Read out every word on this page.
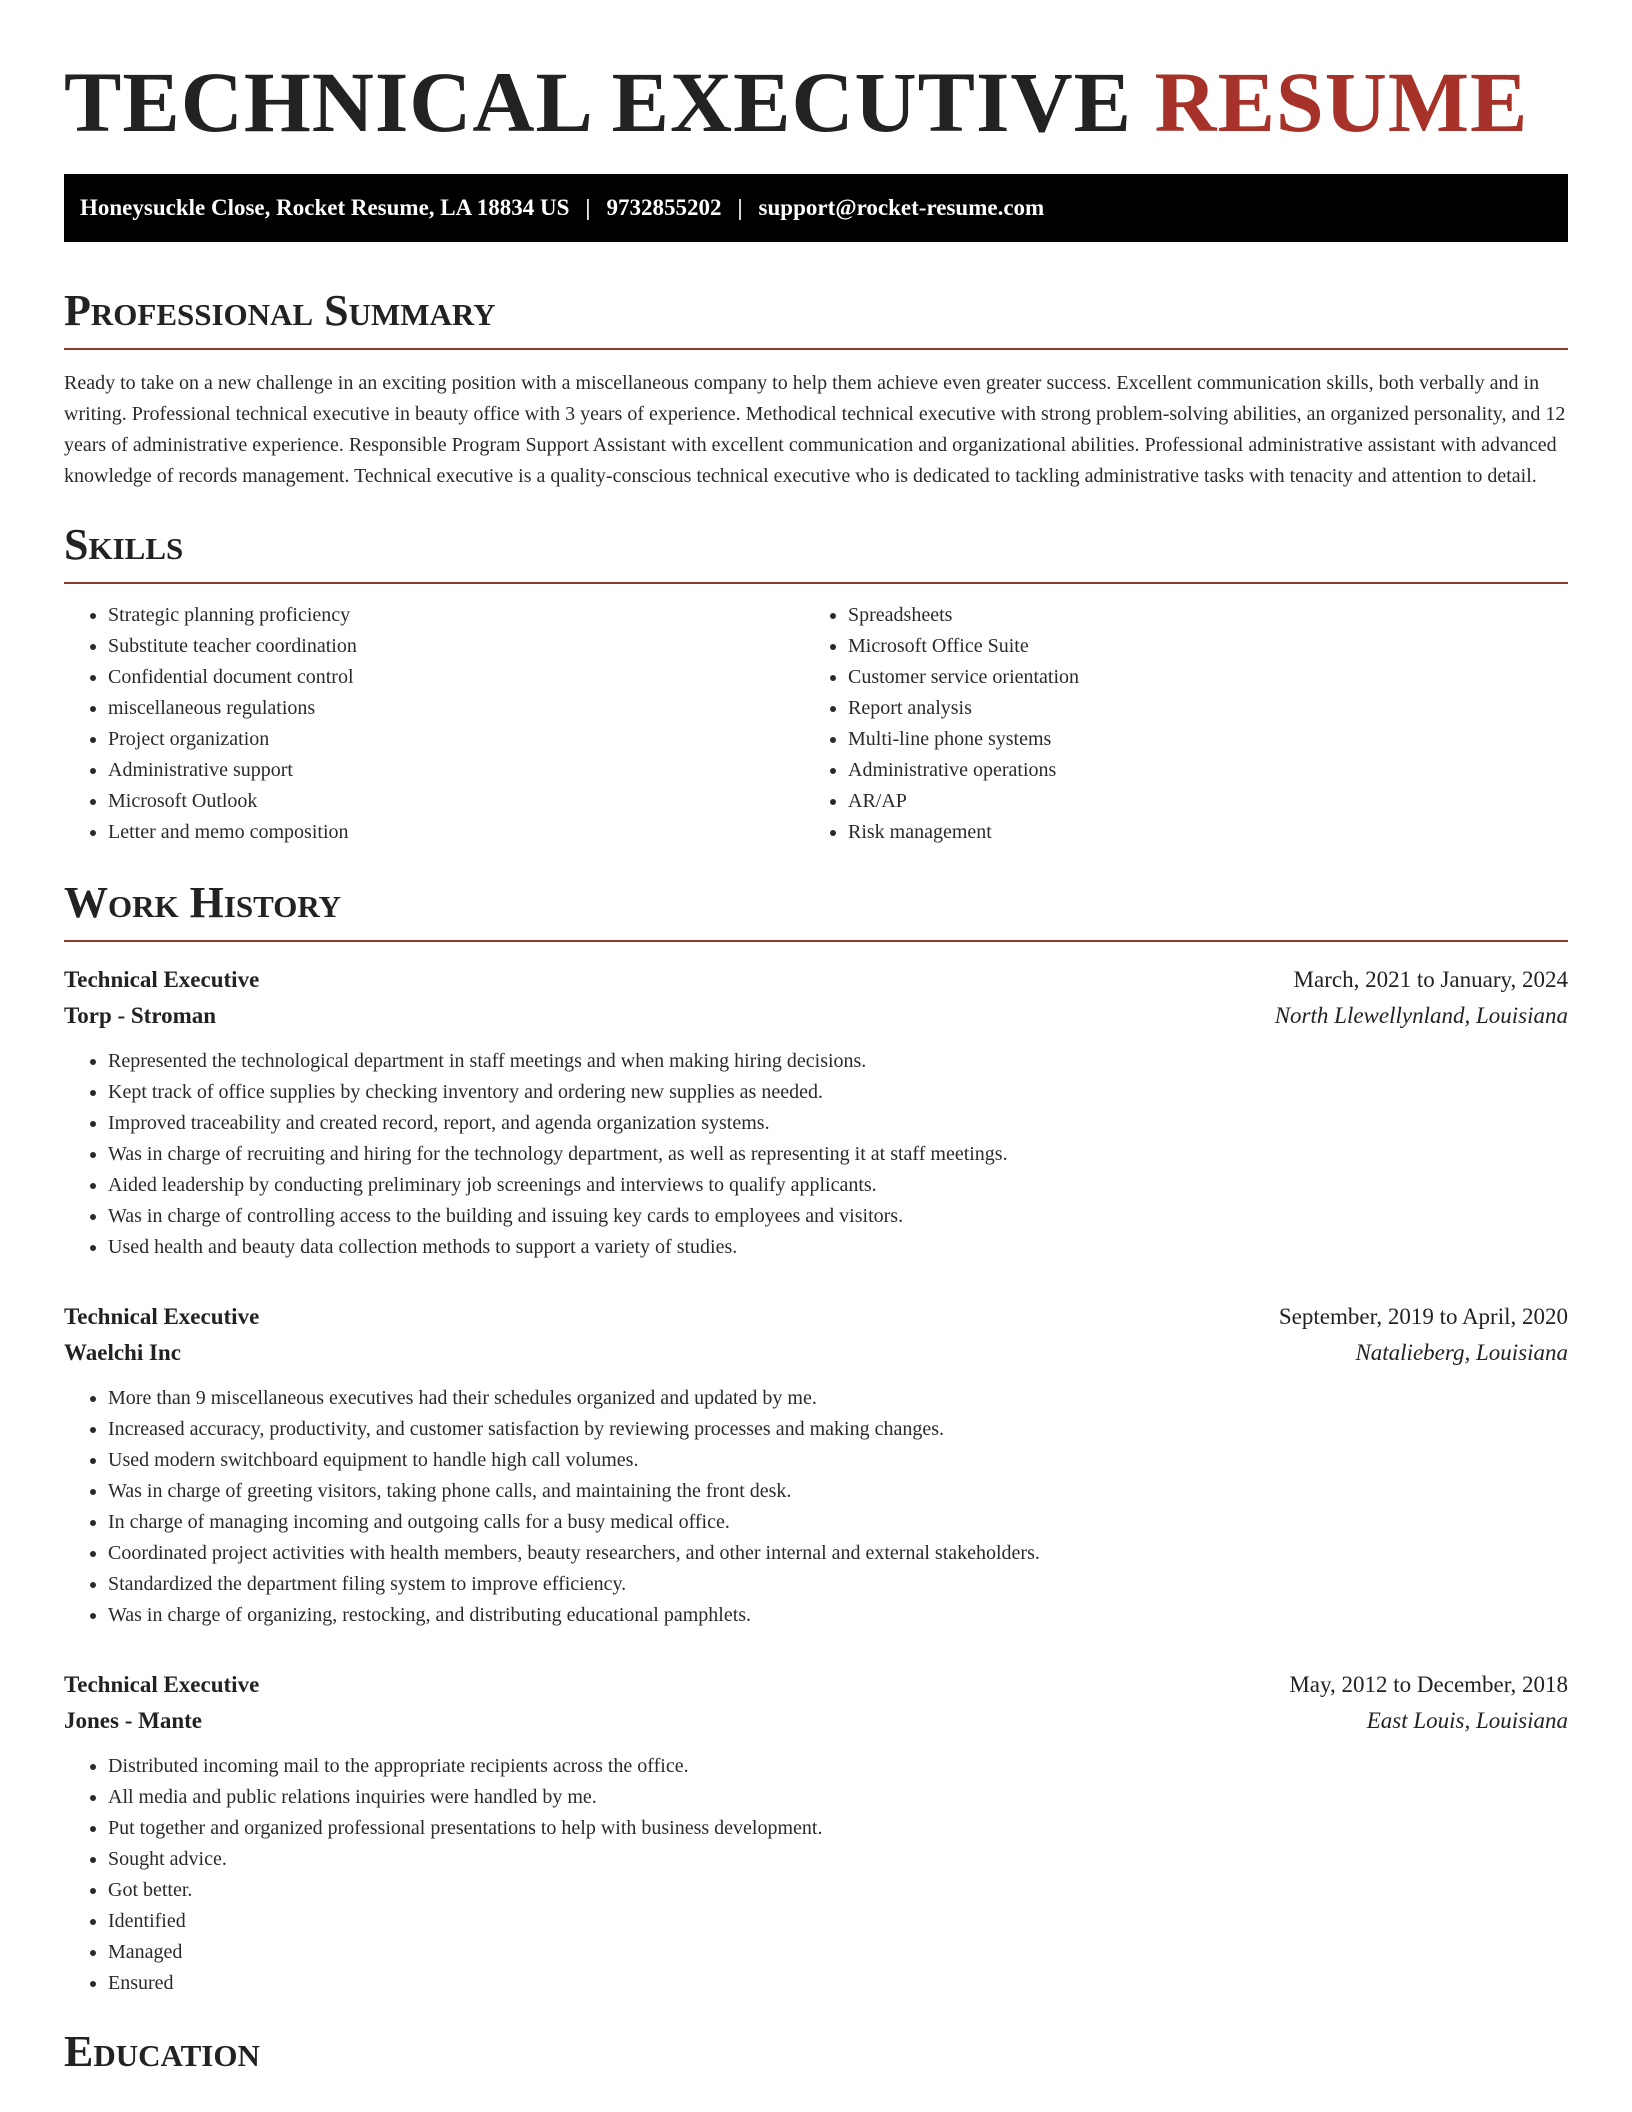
TECHNICAL EXECUTIVE RESUME
Honeysuckle Close, Rocket Resume, LA 18834 US | 9732855202 | support@rocket-resume.com
Professional Summary

Ready to take on a new challenge in an exciting position with a miscellaneous company to help them achieve even greater success. Excellent communication skills, both verbally and in writing. Professional technical executive in beauty office with 3 years of experience. Methodical technical executive with strong problem-solving abilities, an organized personality, and 12 years of administrative experience. Responsible Program Support Assistant with excellent communication and organizational abilities. Professional administrative assistant with advanced knowledge of records management. Technical executive is a quality-conscious technical executive who is dedicated to tackling administrative tasks with tenacity and attention to detail.

Skills
• Strategic planning proficiency
• Substitute teacher coordination
• Confidential document control
• miscellaneous regulations
• Project organization
• Administrative support
• Microsoft Outlook
• Letter and memo composition
• Spreadsheets
• Microsoft Office Suite
• Customer service orientation
• Report analysis
• Multi-line phone systems
• Administrative operations
• AR/AP
• Risk management
Work History
Technical Executive	March, 2021 to January, 2024
Torp - Stroman	North Llewellynland, Louisiana
• Represented the technological department in staff meetings and when making hiring decisions.
• Kept track of office supplies by checking inventory and ordering new supplies as needed.
• Improved traceability and created record, report, and agenda organization systems.
• Was in charge of recruiting and hiring for the technology department, as well as representing it at staff meetings.
• Aided leadership by conducting preliminary job screenings and interviews to qualify applicants.
• Was in charge of controlling access to the building and issuing key cards to employees and visitors.
• Used health and beauty data collection methods to support a variety of studies.
Technical Executive	September, 2019 to April, 2020
Waelchi Inc	Natalieberg, Louisiana
• More than 9 miscellaneous executives had their schedules organized and updated by me.
• Increased accuracy, productivity, and customer satisfaction by reviewing processes and making changes.
• Used modern switchboard equipment to handle high call volumes.
• Was in charge of greeting visitors, taking phone calls, and maintaining the front desk.
• In charge of managing incoming and outgoing calls for a busy medical office.
• Coordinated project activities with health members, beauty researchers, and other internal and external stakeholders.
• Standardized the department filing system to improve efficiency.
• Was in charge of organizing, restocking, and distributing educational pamphlets.
Technical Executive	May, 2012 to December, 2018
Jones - Mante	East Louis, Louisiana
• Distributed incoming mail to the appropriate recipients across the office.
• All media and public relations inquiries were handled by me.
• Put together and organized professional presentations to help with business development.
• Sought advice.
• Got better.
• Identified
• Managed
• Ensured
Education
